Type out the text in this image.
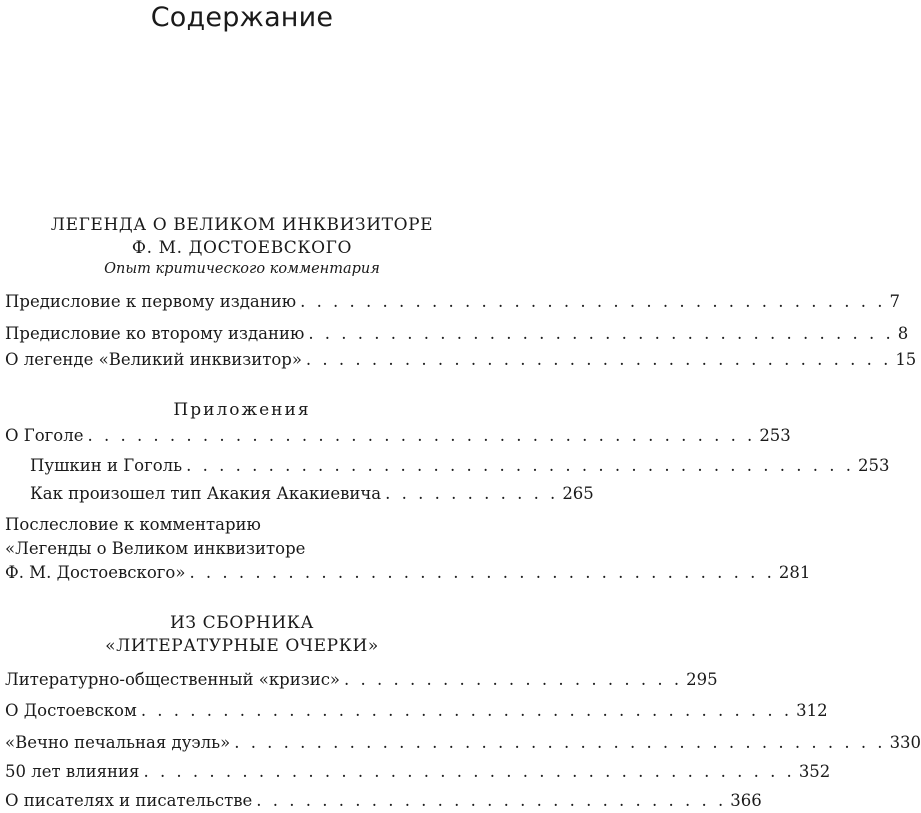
Содержание
ЛЕГЕНДА О ВЕЛИКОМ ИНКВИЗИТОРЕ
Ф. М. ДОСТОЕВСКОГО
Опыт критического комментария
Предисловие к первому изданию . . . . . . . . . . . . . . . . . . . . . . . . . . . . . . . . . . . . 7
Предисловие ко второму изданию . . . . . . . . . . . . . . . . . . . . . . . . . . . . . . . . . . . . 8
О легенде «Великий инквизитор» . . . . . . . . . . . . . . . . . . . . . . . . . . . . . . . . . . . . 15
Приложения
О Гоголе . . . . . . . . . . . . . . . . . . . . . . . . . . . . . . . . . . . . . . . . . 253
Пушкин и Гоголь . . . . . . . . . . . . . . . . . . . . . . . . . . . . . . . . . . . . . . . . . 253
Как произошел тип Акакия Акакиевича . . . . . . . . . . . 265
Послесловие к комментарию
«Легенды о Великом инквизиторе
Ф. М. Достоевского» . . . . . . . . . . . . . . . . . . . . . . . . . . . . . . . . . . . . 281
ИЗ СБОРНИКА
«ЛИТЕРАТУРНЫЕ ОЧЕРКИ»
Литературно-общественный «кризис» . . . . . . . . . . . . . . . . . . . . . 295
О Достоевском . . . . . . . . . . . . . . . . . . . . . . . . . . . . . . . . . . . . . . . . 312
«Вечно печальная дуэль» . . . . . . . . . . . . . . . . . . . . . . . . . . . . . . . . . . . . . . . . 330
50 лет влияния . . . . . . . . . . . . . . . . . . . . . . . . . . . . . . . . . . . . . . . . 352
О писателях и писательстве . . . . . . . . . . . . . . . . . . . . . . . . . . . . . 366
